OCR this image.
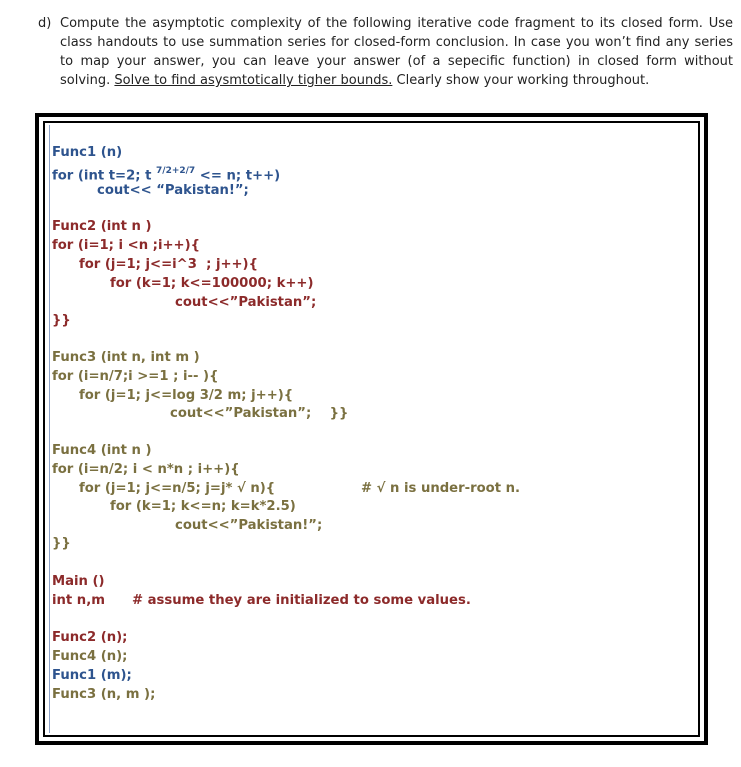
d) Compute the asymptotic complexity of the following iterative code fragment to its closed form. Use class handouts to use summation series for closed-form conclusion. In case you won’t find any series to map your answer, you can leave your answer (of a sepecific function) in closed form without solving. Solve to find asysmtotically tigher bounds. Clearly show your working throughout.
Func1 (n)
for (int t=2; t $^{7/2+2/7}$ <= n; t++)
cout<< “Pakistan!”;
Func2 (int n )
for (i=1; i <n ;i++){
for (j=1; j<=i^3  ; j++){
for (k=1; k<=100000; k++)
cout<<”Pakistan”;
}}
Func3 (int n, int m )
for (i=n/7;i >=1 ; i-- ){
for (j=1; j<=log 3/2 m; j++){
cout<<”Pakistan”;    }}
Func4 (int n )
for (i=n/2; i < n*n ; i++){
for (j=1; j<=n/5; j=j* √ n){	# √ n is under-root n.
for (k=1; k<=n; k=k*2.5)
cout<<”Pakistan!”;
}}
Main ()
int n,m # assume they are initialized to some values.
Func2 (n);
Func4 (n);
Func1 (m);
Func3 (n, m );
